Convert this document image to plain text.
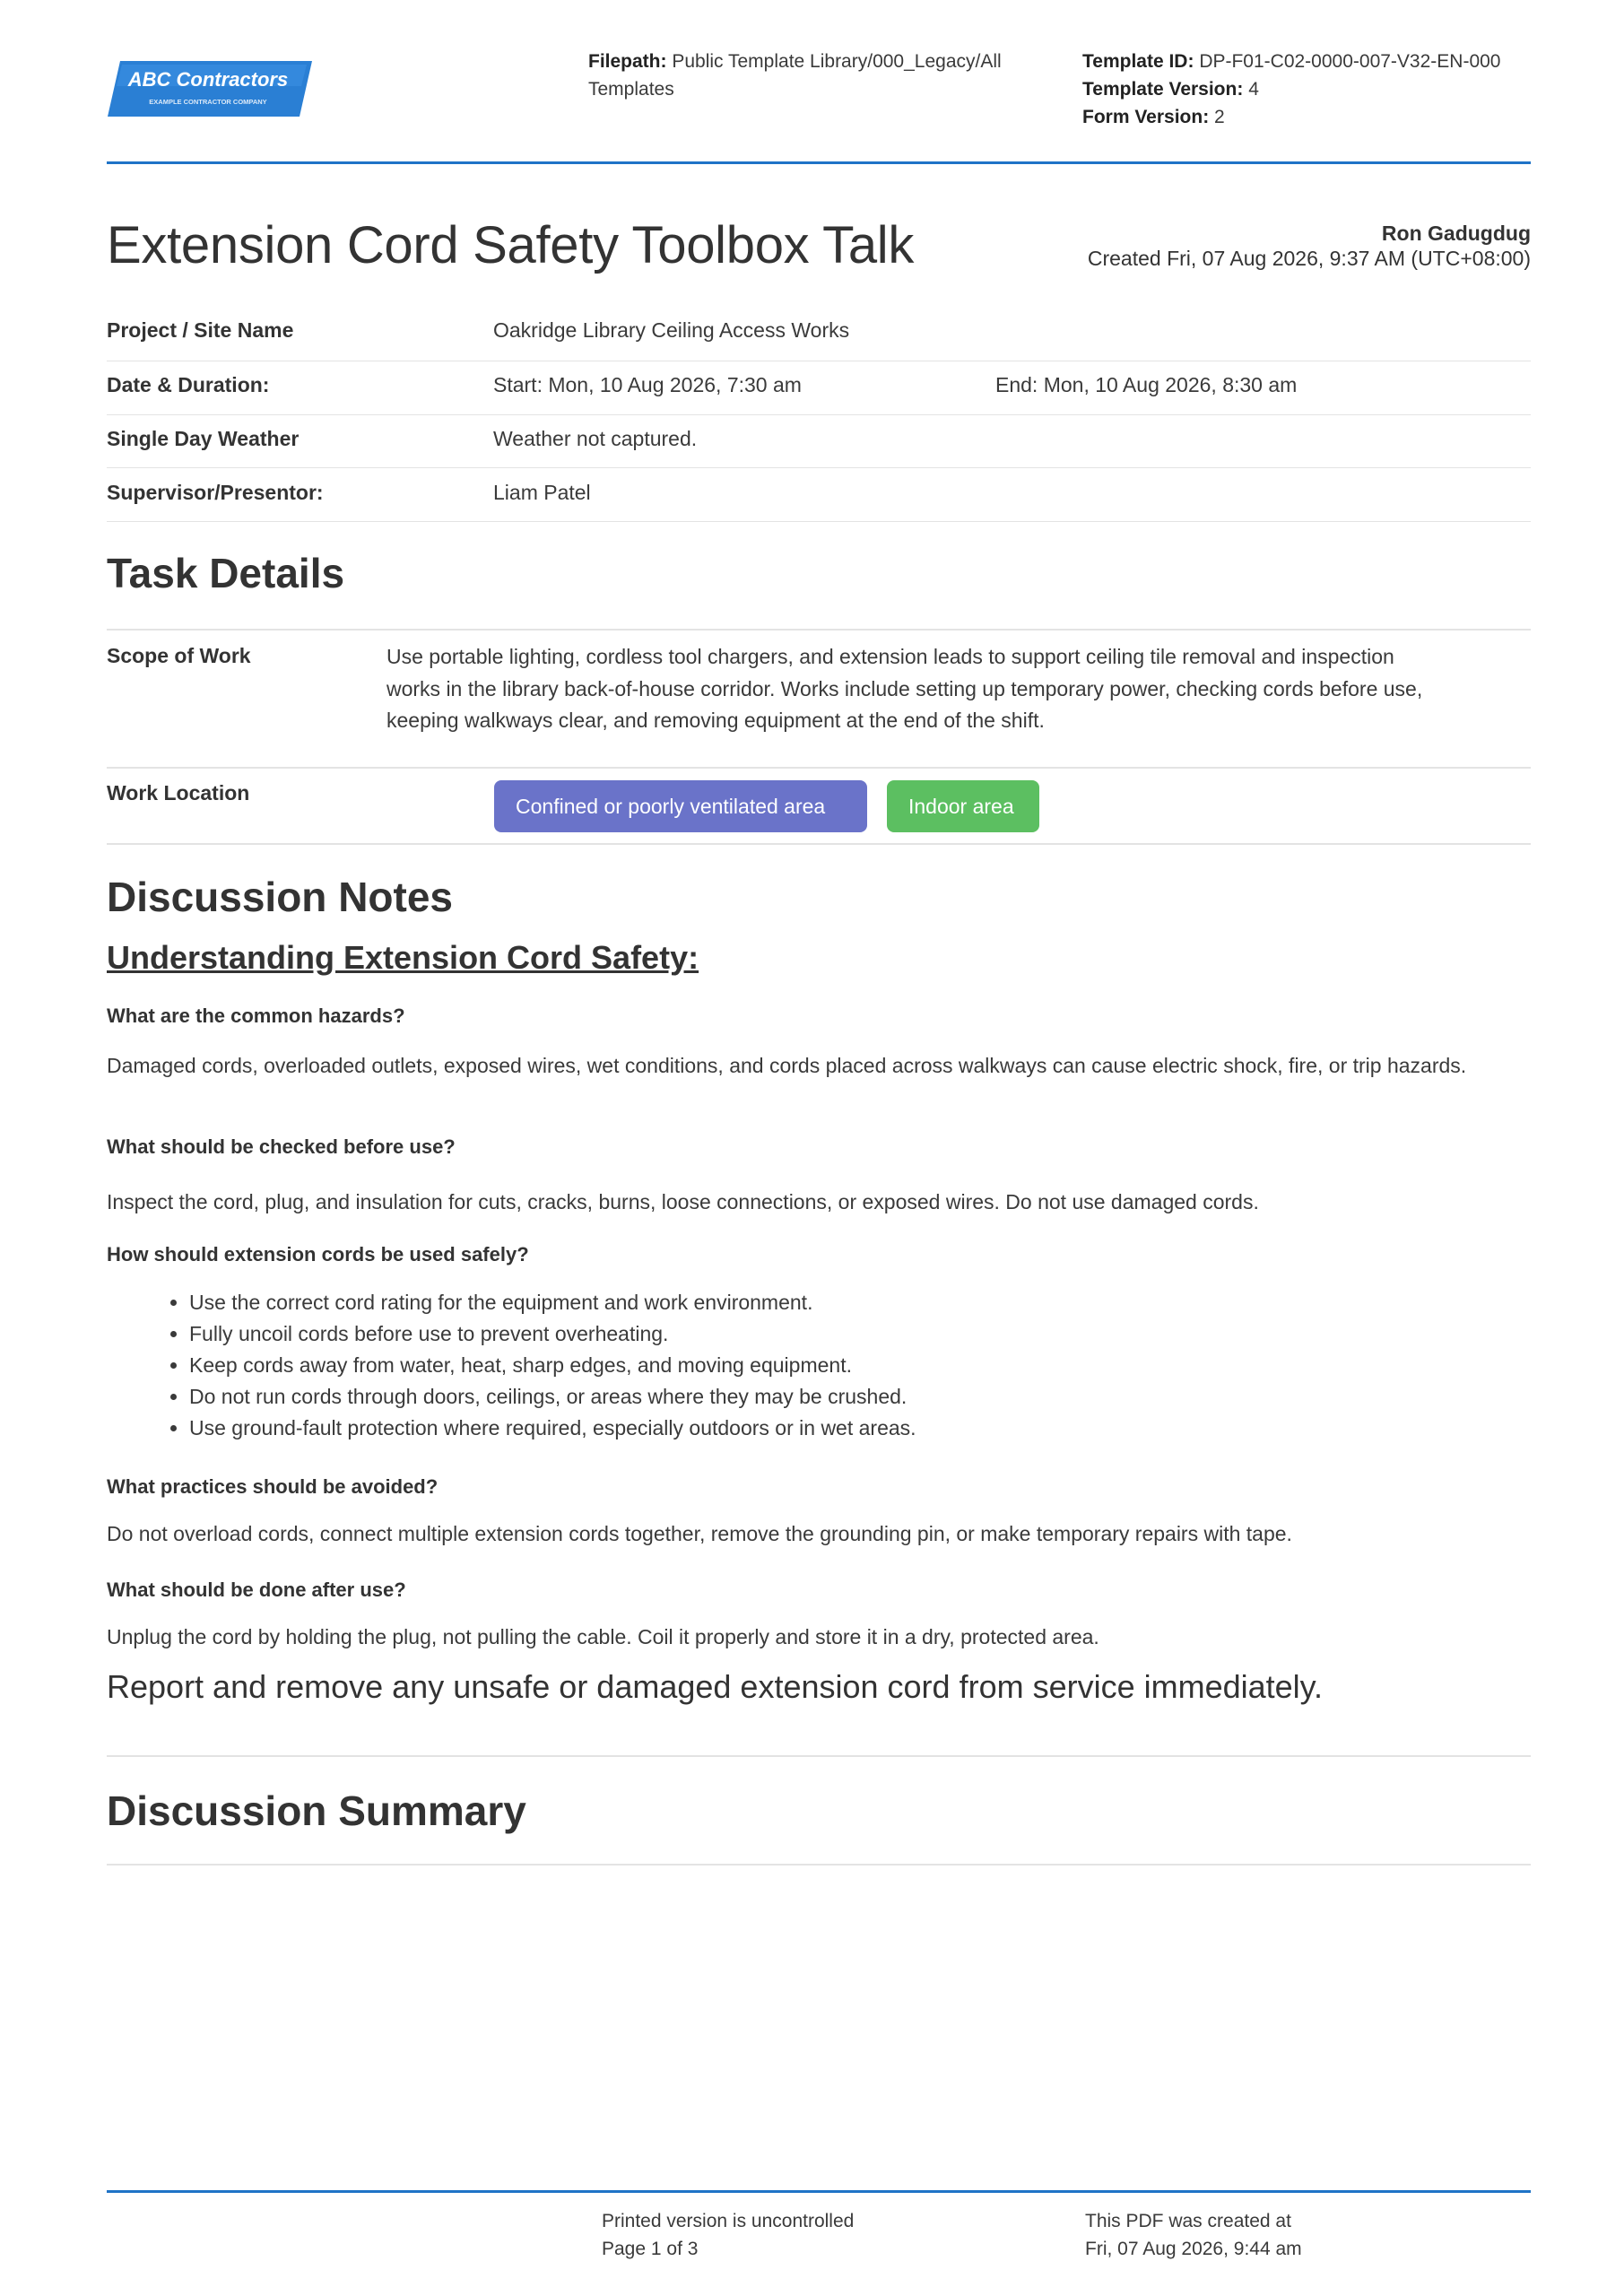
ABC Contractors
EXAMPLE CONTRACTOR COMPANY
Filepath: Public Template Library/000_Legacy/All Templates
Template ID: DP-F01-C02-0000-007-V32-EN-000
Template Version: 4
Form Version: 2
Extension Cord Safety Toolbox Talk	Ron Gadugdug
Created Fri, 07 Aug 2026, 9:37 AM (UTC+08:00)
Project / Site Name	Oakridge Library Ceiling Access Works
Date & Duration:	Start: Mon, 10 Aug 2026, 7:30 am	End: Mon, 10 Aug 2026, 8:30 am
Single Day Weather	Weather not captured.
Supervisor/Presentor:	Liam Patel
Task Details
Scope of Work	Use portable lighting, cordless tool chargers, and extension leads to support ceiling tile removal and inspection works in the library back-of-house corridor. Works include setting up temporary power, checking cords before use, keeping walkways clear, and removing equipment at the end of the shift.
Work Location
Confined or poorly ventilated area	Indoor area
Discussion Notes
Understanding Extension Cord Safety:
What are the common hazards?
Damaged cords, overloaded outlets, exposed wires, wet conditions, and cords placed across walkways can cause electric shock, fire, or trip hazards.
What should be checked before use?
Inspect the cord, plug, and insulation for cuts, cracks, burns, loose connections, or exposed wires. Do not use damaged cords.
How should extension cords be used safely?
• Use the correct cord rating for the equipment and work environment.
• Fully uncoil cords before use to prevent overheating.
• Keep cords away from water, heat, sharp edges, and moving equipment.
• Do not run cords through doors, ceilings, or areas where they may be crushed.
• Use ground-fault protection where required, especially outdoors or in wet areas.
What practices should be avoided?
Do not overload cords, connect multiple extension cords together, remove the grounding pin, or make temporary repairs with tape.
What should be done after use?
Unplug the cord by holding the plug, not pulling the cable. Coil it properly and store it in a dry, protected area.
Report and remove any unsafe or damaged extension cord from service immediately.
Discussion Summary
Printed version is uncontrolled
Page 1 of 3
This PDF was created at
Fri, 07 Aug 2026, 9:44 am
